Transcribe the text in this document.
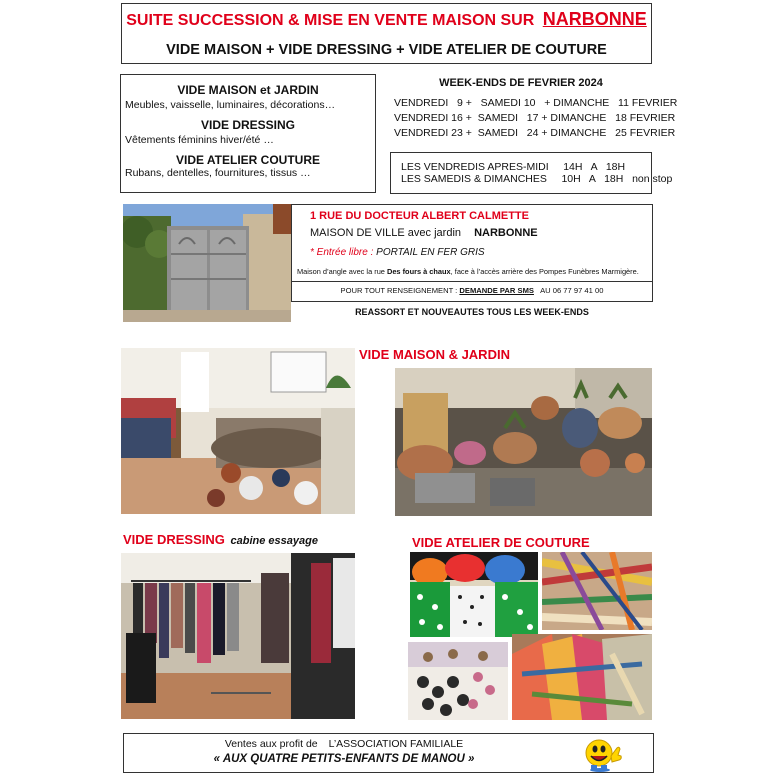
SUITE SUCCESSION & MISE EN VENTE MAISON SUR NARBONNE
VIDE MAISON + VIDE DRESSING + VIDE ATELIER DE COUTURE
VIDE MAISON et JARDIN
Meubles, vaisselle, luminaires, décorations…
VIDE DRESSING
Vêtements féminins hiver/été …
VIDE ATELIER COUTURE
Rubans, dentelles, fournitures, tissus …
WEEK-ENDS DE FEVRIER 2024
VENDREDI   9 +   SAMEDI 10   + DIMANCHE   11 FEVRIER
VENDREDI 16 +  SAMEDI   17 + DIMANCHE   18 FEVRIER
VENDREDI 23 +  SAMEDI   24 + DIMANCHE   25 FEVRIER
LES VENDREDIS APRES-MIDI     14H   A   18H
LES SAMEDIS & DIMANCHES     10H   A   18H   non stop
1 RUE DU DOCTEUR ALBERT CALMETTE
MAISON DE VILLE avec jardin NARBONNE
* Entrée libre : PORTAIL EN FER GRIS
Maison d’angle avec la rue Des fours à chaux, face à l’accès arrière des Pompes Funèbres Marmigère.
POUR TOUT RENSEIGNEMENT : DEMANDE PAR SMS AU 06 77 97 41 00
REASSORT ET NOUVEAUTES TOUS LES WEEK-ENDS
VIDE MAISON & JARDIN
VIDE DRESSING cabine essayage	VIDE ATELIER DE COUTURE
Ventes aux profit de L’ASSOCIATION FAMILIALE
« AUX QUATRE PETITS-ENFANTS DE MANOU »
